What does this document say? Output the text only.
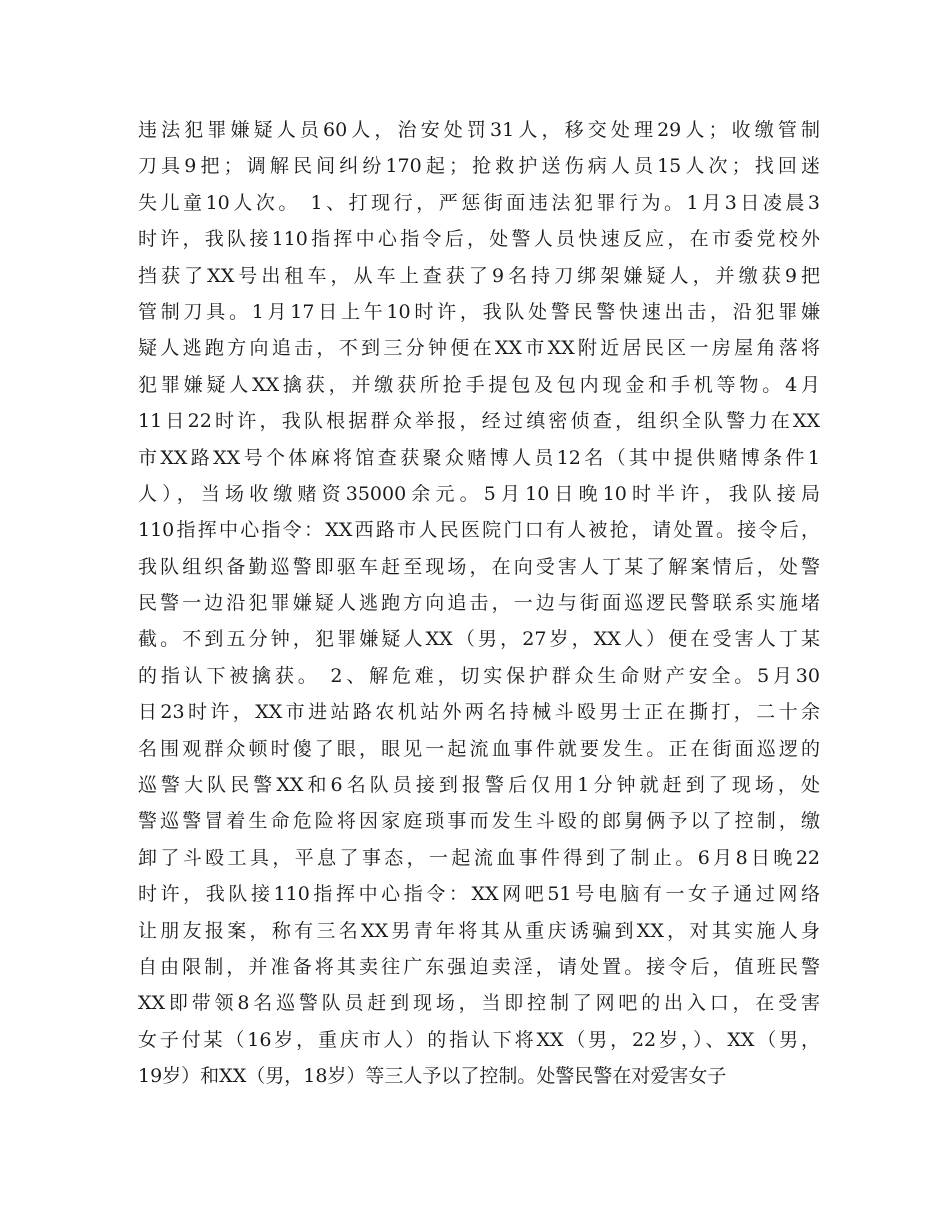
违法犯罪嫌疑人员60人，治安处罚31人，移交处理29人；收缴管制
刀具9把；调解民间纠纷170起；抢救护送伤病人员15人次；找回迷
失儿童10人次。 1、打现行，严惩街面违法犯罪行为。1月3日凌晨3
时许，我队接110指挥中心指令后，处警人员快速反应，在市委党校外
挡获了XX号出租车，从车上查获了9名持刀绑架嫌疑人，并缴获9把
管制刀具。1月17日上午10时许，我队处警民警快速出击，沿犯罪嫌
疑人逃跑方向追击，不到三分钟便在XX市XX附近居民区一房屋角落将
犯罪嫌疑人XX擒获，并缴获所抢手提包及包内现金和手机等物。4月
11日22时许，我队根据群众举报，经过缜密侦查，组织全队警力在XX
市XX路XX号个体麻将馆查获聚众赌博人员12名（其中提供赌博条件1
人），当场收缴赌资35000余元。5月10日晚10时半许，我队接局
110指挥中心指令：XX西路市人民医院门口有人被抢，请处置。接令后，
我队组织备勤巡警即驱车赶至现场，在向受害人丁某了解案情后，处警
民警一边沿犯罪嫌疑人逃跑方向追击，一边与街面巡逻民警联系实施堵
截。不到五分钟，犯罪嫌疑人XX（男，27岁，XX人）便在受害人丁某
的指认下被擒获。 2、解危难，切实保护群众生命财产安全。5月30
日23时许，XX市进站路农机站外两名持械斗殴男士正在撕打，二十余
名围观群众顿时傻了眼，眼见一起流血事件就要发生。正在街面巡逻的
巡警大队民警XX和6名队员接到报警后仅用1分钟就赶到了现场，处
警巡警冒着生命危险将因家庭琐事而发生斗殴的郎舅俩予以了控制，缴
卸了斗殴工具，平息了事态，一起流血事件得到了制止。6月8日晚22
时许，我队接110指挥中心指令：XX网吧51号电脑有一女子通过网络
让朋友报案，称有三名XX男青年将其从重庆诱骗到XX，对其实施人身
自由限制，并准备将其卖往广东强迫卖淫，请处置。接令后，值班民警
XX即带领8名巡警队员赶到现场，当即控制了网吧的出入口，在受害
女子付某（16岁，重庆市人）的指认下将XX（男，22岁，）、XX（男，
19岁）和XX（男，18岁）等三人予以了控制。处警民警在对爱害女子
